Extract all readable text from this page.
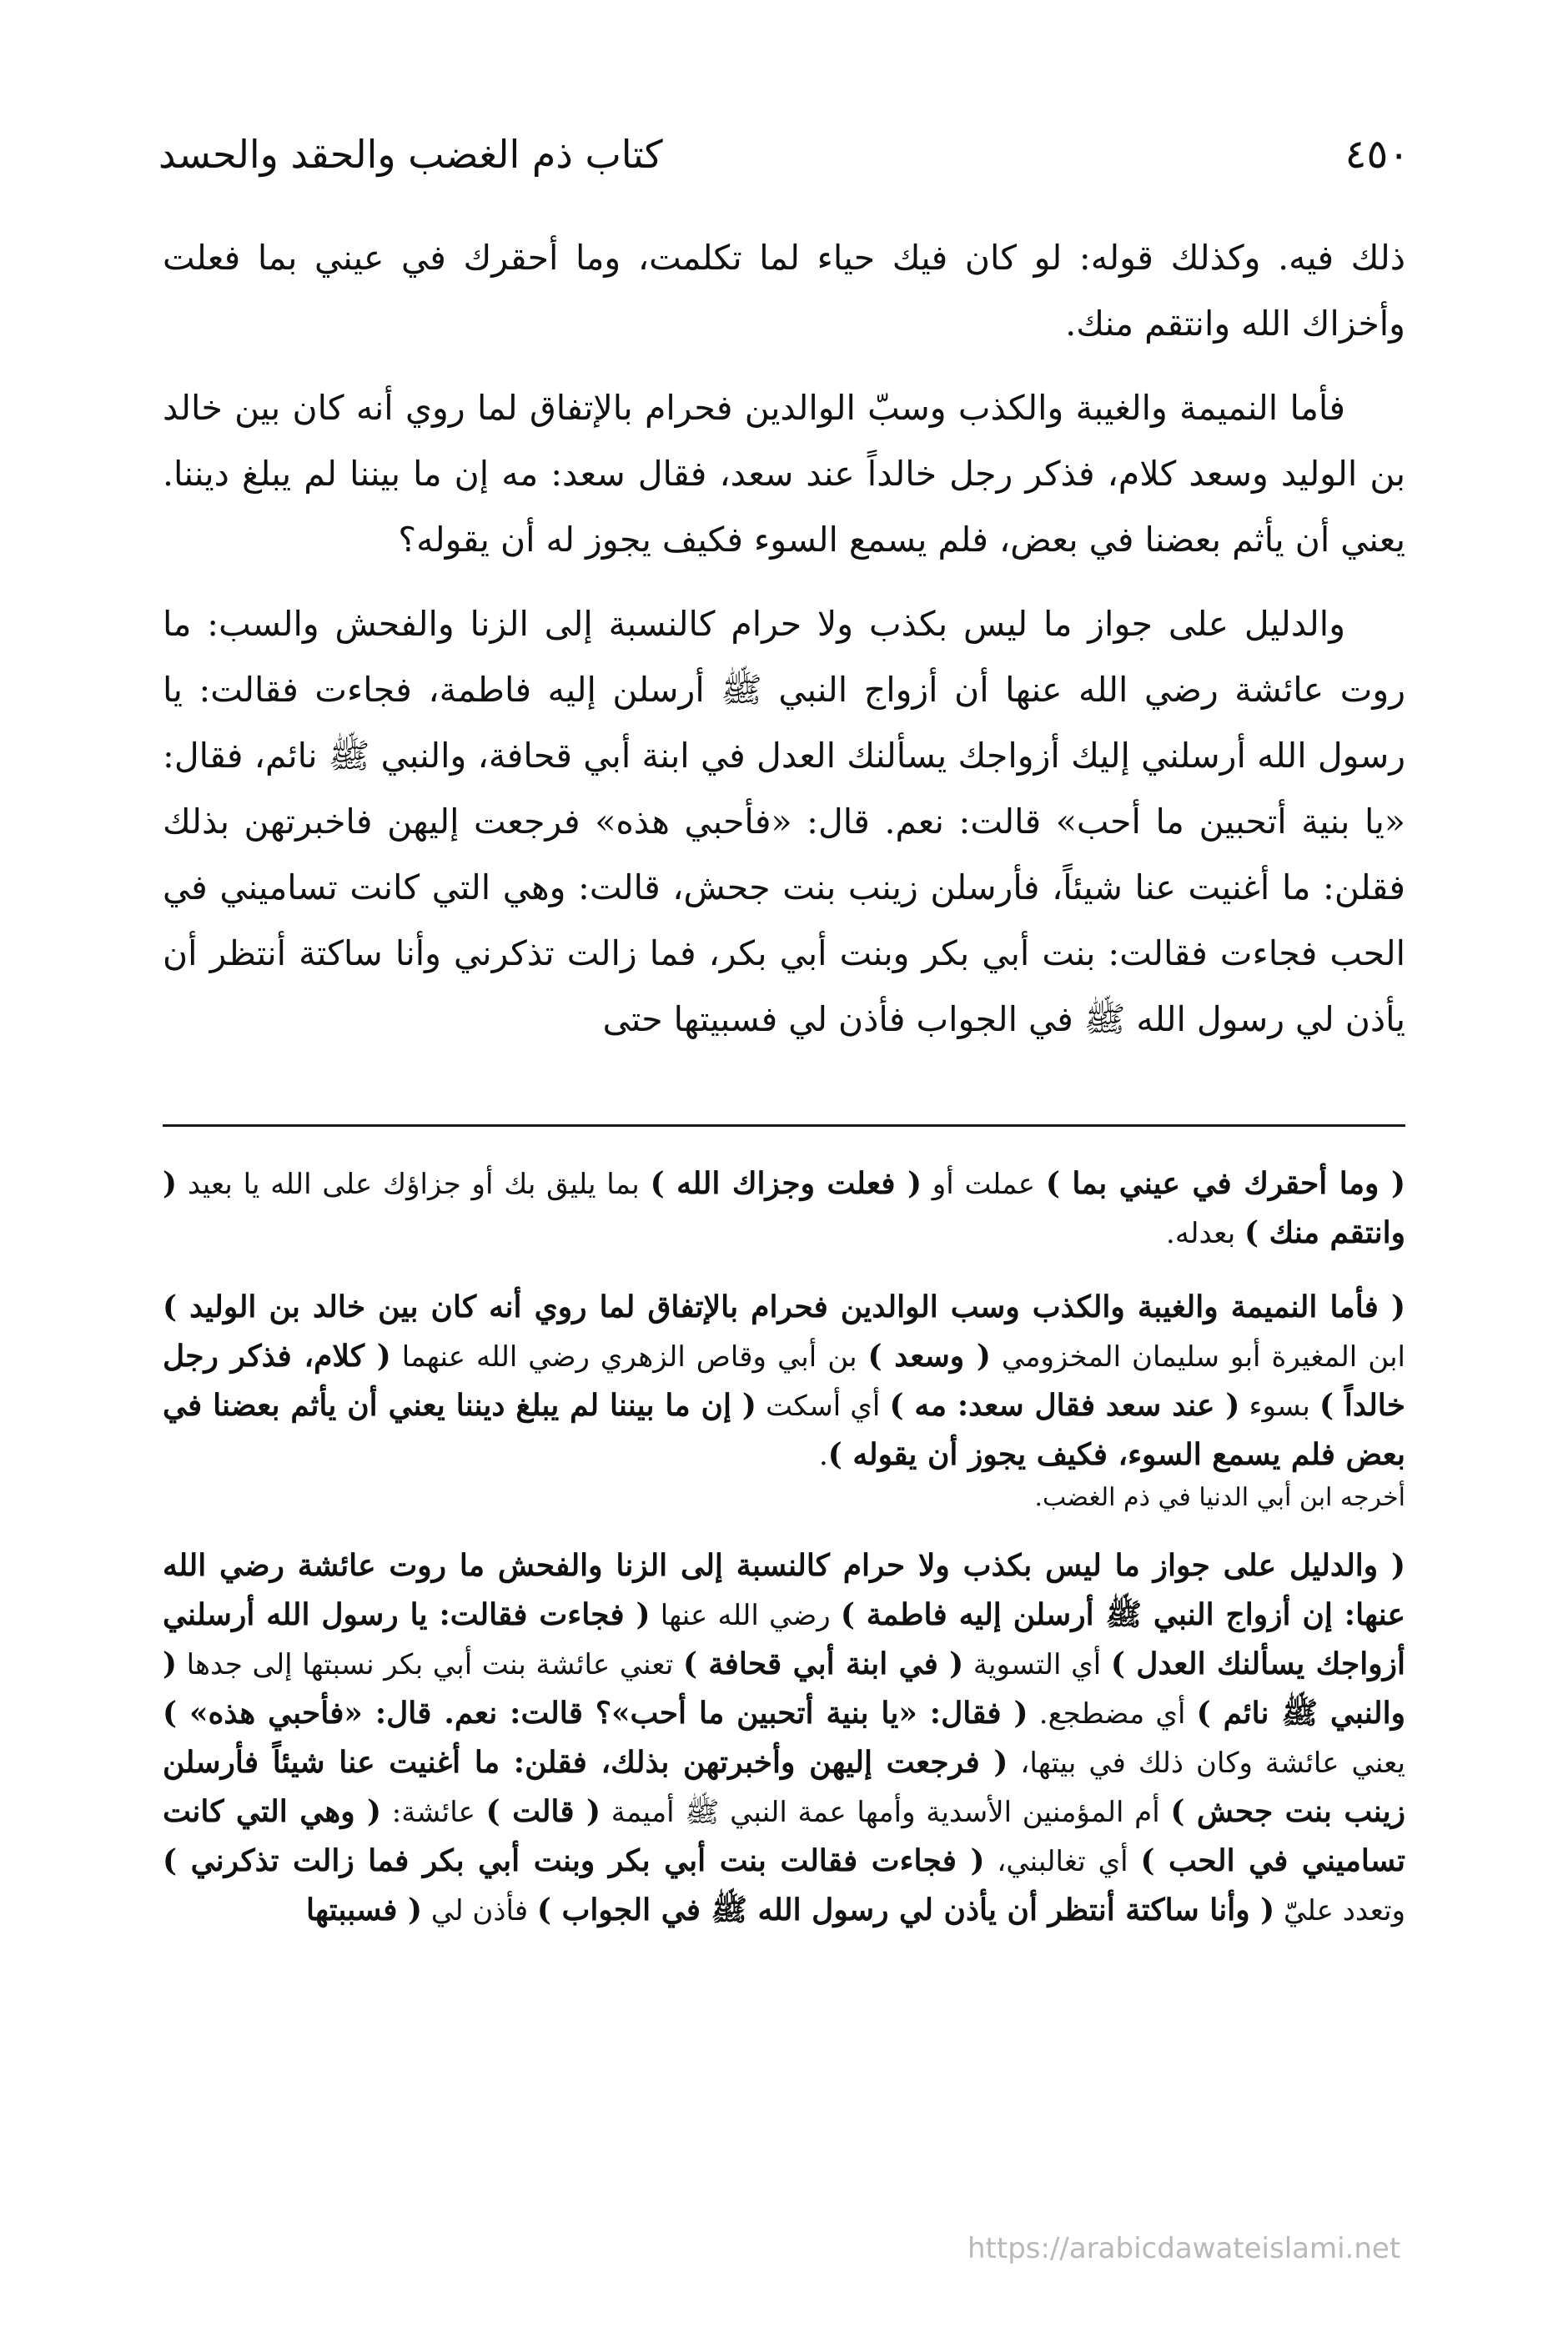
٤٥٠
كتاب ذم الغضب والحقد والحسد

ذلك فيه. وكذلك قوله: لو كان فيك حياء لما تكلمت، وما أحقرك في عيني بما فعلت وأخزاك الله وانتقم منك.

فأما النميمة والغيبة والكذب وسبّ الوالدين فحرام بالإتفاق لما روي أنه كان بين خالد بن الوليد وسعد كلام، فذكر رجل خالداً عند سعد، فقال سعد: مه إن ما بيننا لم يبلغ ديننا. يعني أن يأثم بعضنا في بعض، فلم يسمع السوء فكيف يجوز له أن يقوله؟

والدليل على جواز ما ليس بكذب ولا حرام كالنسبة إلى الزنا والفحش والسب: ما روت عائشة رضي الله عنها أن أزواج النبي ﷺ أرسلن إليه فاطمة، فجاءت فقالت: يا رسول الله أرسلني إليك أزواجك يسألنك العدل في ابنة أبي قحافة، والنبي ﷺ نائم، فقال: «يا بنية أتحبين ما أحب» قالت: نعم. قال: «فأحبي هذه» فرجعت إليهن فاخبرتهن بذلك فقلن: ما أغنيت عنا شيئاً، فأرسلن زينب بنت جحش، قالت: وهي التي كانت تساميني في الحب فجاءت فقالت: بنت أبي بكر وبنت أبي بكر، فما زالت تذكرني وأنا ساكتة أنتظر أن يأذن لي رسول الله ﷺ في الجواب فأذن لي فسبيتها حتى

( وما أحقرك في عيني بما ) عملت أو ( فعلت وجزاك الله ) بما يليق بك أو جزاؤك على الله يا بعيد ( وانتقم منك ) بعدله.

( فأما النميمة والغيبة والكذب وسب الوالدين فحرام بالإتفاق لما روي أنه كان بين خالد بن الوليد ) ابن المغيرة أبو سليمان المخزومي ( وسعد ) بن أبي وقاص الزهري رضي الله عنهما ( كلام، فذكر رجل خالداً ) بسوء ( عند سعد فقال سعد: مه ) أي أسكت ( إن ما بيننا لم يبلغ ديننا يعني أن يأثم بعضنا في بعض فلم يسمع السوء، فكيف يجوز أن يقوله ).
أخرجه ابن أبي الدنيا في ذم الغضب.

( والدليل على جواز ما ليس بكذب ولا حرام كالنسبة إلى الزنا والفحش ما روت عائشة رضي الله عنها: إن أزواج النبي ﷺ أرسلن إليه فاطمة ) رضي الله عنها ( فجاءت فقالت: يا رسول الله أرسلني أزواجك يسألنك العدل ) أي التسوية ( في ابنة أبي قحافة ) تعني عائشة بنت أبي بكر نسبتها إلى جدها ( والنبي ﷺ نائم ) أي مضطجع. ( فقال: «يا بنية أتحبين ما أحب»؟ قالت: نعم. قال: «فأحبي هذه» ) يعني عائشة وكان ذلك في بيتها، ( فرجعت إليهن وأخبرتهن بذلك، فقلن: ما أغنيت عنا شيئاً فأرسلن زينب بنت جحش ) أم المؤمنين الأسدية وأمها عمة النبي ﷺ أميمة ( قالت ) عائشة: ( وهي التي كانت تساميني في الحب ) أي تغالبني، ( فجاءت فقالت بنت أبي بكر وبنت أبي بكر فما زالت تذكرني ) وتعدد عليّ ( وأنا ساكتة أنتظر أن يأذن لي رسول الله ﷺ في الجواب ) فأذن لي ( فسببتها

https://arabicdawateislami.net
